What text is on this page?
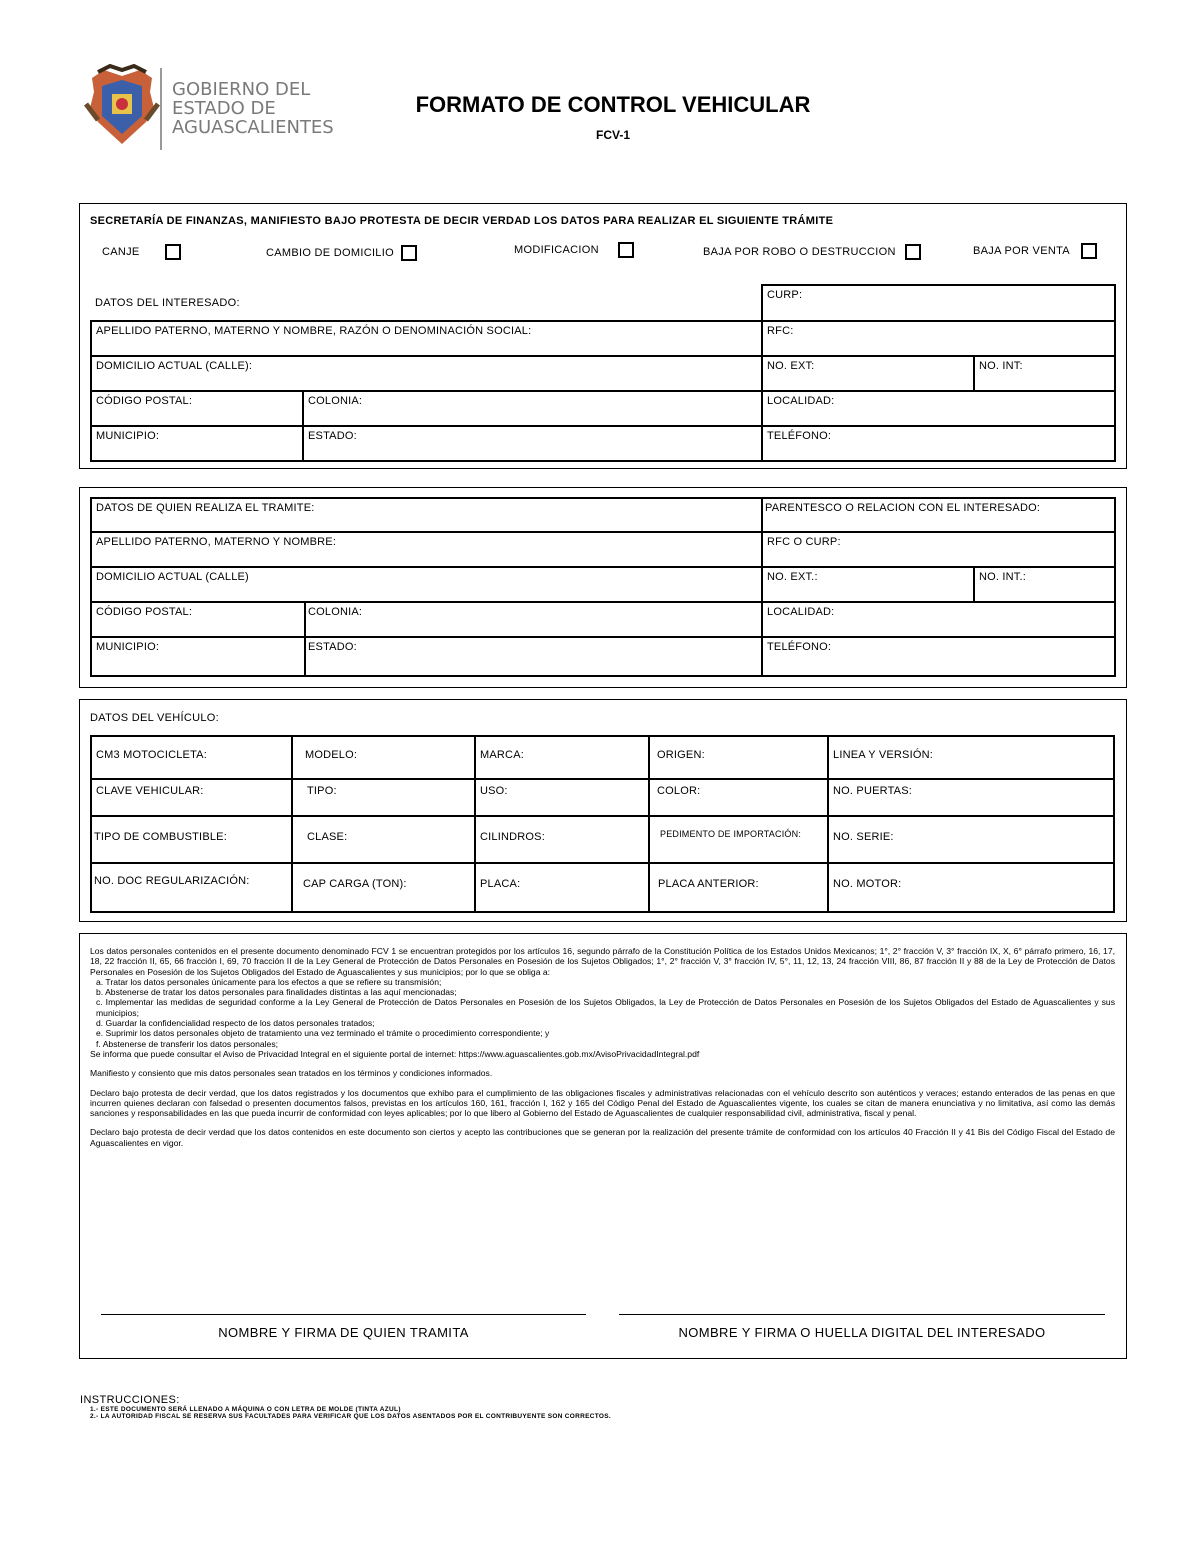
GOBIERNO DEL
ESTADO DE
AGUASCALIENTES
FORMATO DE CONTROL VEHICULAR
FCV-1
SECRETARÍA DE FINANZAS, MANIFIESTO BAJO PROTESTA DE DECIR VERDAD LOS DATOS PARA REALIZAR EL SIGUIENTE TRÁMITE
CANJE	CAMBIO DE DOMICILIO	MODIFICACION	BAJA POR ROBO O DESTRUCCION	BAJA POR VENTA
DATOS DEL INTERESADO:
CURP:
APELLIDO PATERNO, MATERNO Y NOMBRE, RAZÓN O DENOMINACIÓN SOCIAL:	RFC:
DOMICILIO ACTUAL (CALLE):	NO. EXT:	NO. INT:
CÓDIGO POSTAL:	COLONIA:	LOCALIDAD:
MUNICIPIO:	ESTADO:	TELÉFONO:
DATOS DE QUIEN REALIZA EL TRAMITE:	PARENTESCO O RELACION CON EL INTERESADO:
APELLIDO PATERNO, MATERNO Y NOMBRE:	RFC O CURP:
DOMICILIO ACTUAL (CALLE)	NO. EXT.:	NO. INT.:
CÓDIGO POSTAL:	COLONIA:	LOCALIDAD:
MUNICIPIO:	ESTADO:	TELÉFONO:
DATOS DEL VEHÍCULO:
CM3 MOTOCICLETA:	MODELO:	MARCA:	ORIGEN:	LINEA Y VERSIÓN:
CLAVE VEHICULAR:	TIPO:	USO:	COLOR:	NO. PUERTAS:
TIPO DE COMBUSTIBLE:	CLASE:	CILINDROS:	PEDIMENTO DE IMPORTACIÓN:	NO. SERIE:
NO. DOC REGULARIZACIÓN:	CAP CARGA (TON):	PLACA:	PLACA ANTERIOR:	NO. MOTOR:

Los datos personales contenidos en el presente documento denominado FCV 1 se encuentran protegidos por los artículos 16, segundo párrafo de la Constitución Política de los Estados Unidos Mexicanos; 1°, 2° fracción V, 3° fracción IX, X, 6° párrafo primero, 16, 17, 18, 22 fracción II, 65, 66 fracción I, 69, 70 fracción II de la Ley General de Protección de Datos Personales en Posesión de los Sujetos Obligados; 1°, 2° fracción V, 3° fracción IV, 5°, 11, 12, 13, 24 fracción VIII, 86, 87 fracción II y 88 de la Ley de Protección de Datos Personales en Posesión de los Sujetos Obligados del Estado de Aguascalientes y sus municipios; por lo que se obliga a:

a. Tratar los datos personales únicamente para los efectos a que se refiere su transmisión;

b. Abstenerse de tratar los datos personales para finalidades distintas a las aquí mencionadas;

c. Implementar las medidas de seguridad conforme a la Ley General de Protección de Datos Personales en Posesión de los Sujetos Obligados, la Ley de Protección de Datos Personales en Posesión de los Sujetos Obligados del Estado de Aguascalientes y sus municipios;

d. Guardar la confidencialidad respecto de los datos personales tratados;

e. Suprimir los datos personales objeto de tratamiento una vez terminado el trámite o procedimiento correspondiente; y

f. Abstenerse de transferir los datos personales;

Se informa que puede consultar el Aviso de Privacidad Integral en el siguiente portal de internet: https://www.aguascalientes.gob.mx/AvisoPrivacidadIntegral.pdf

Manifiesto y consiento que mis datos personales sean tratados en los términos y condiciones informados.

Declaro bajo protesta de decir verdad, que los datos registrados y los documentos que exhibo para el cumplimiento de las obligaciones fiscales y administrativas relacionadas con el vehículo descrito son auténticos y veraces; estando enterados de las penas en que incurren quienes declaran con falsedad o presenten documentos falsos, previstas en los artículos 160, 161, fracción I, 162 y 165 del Código Penal del Estado de Aguascalientes vigente, los cuales se citan de manera enunciativa y no limitativa, así como las demás sanciones y responsabilidades en las que pueda incurrir de conformidad con leyes aplicables; por lo que libero al Gobierno del Estado de Aguascalientes de cualquier responsabilidad civil, administrativa, fiscal y penal.

Declaro bajo protesta de decir verdad que los datos contenidos en este documento son ciertos y acepto las contribuciones que se generan por la realización del presente trámite de conformidad con los artículos 40 Fracción II y 41 Bis del Código Fiscal del Estado de Aguascalientes en vigor.

NOMBRE Y FIRMA DE QUIEN TRAMITA	NOMBRE Y FIRMA O HUELLA DIGITAL DEL INTERESADO
INSTRUCCIONES:
1.- ESTE DOCUMENTO SERÁ LLENADO A MÁQUINA O CON LETRA DE MOLDE (TINTA AZUL)
2.- LA AUTORIDAD FISCAL SE RESERVA SUS FACULTADES PARA VERIFICAR QUE LOS DATOS ASENTADOS POR EL CONTRIBUYENTE SON CORRECTOS.
